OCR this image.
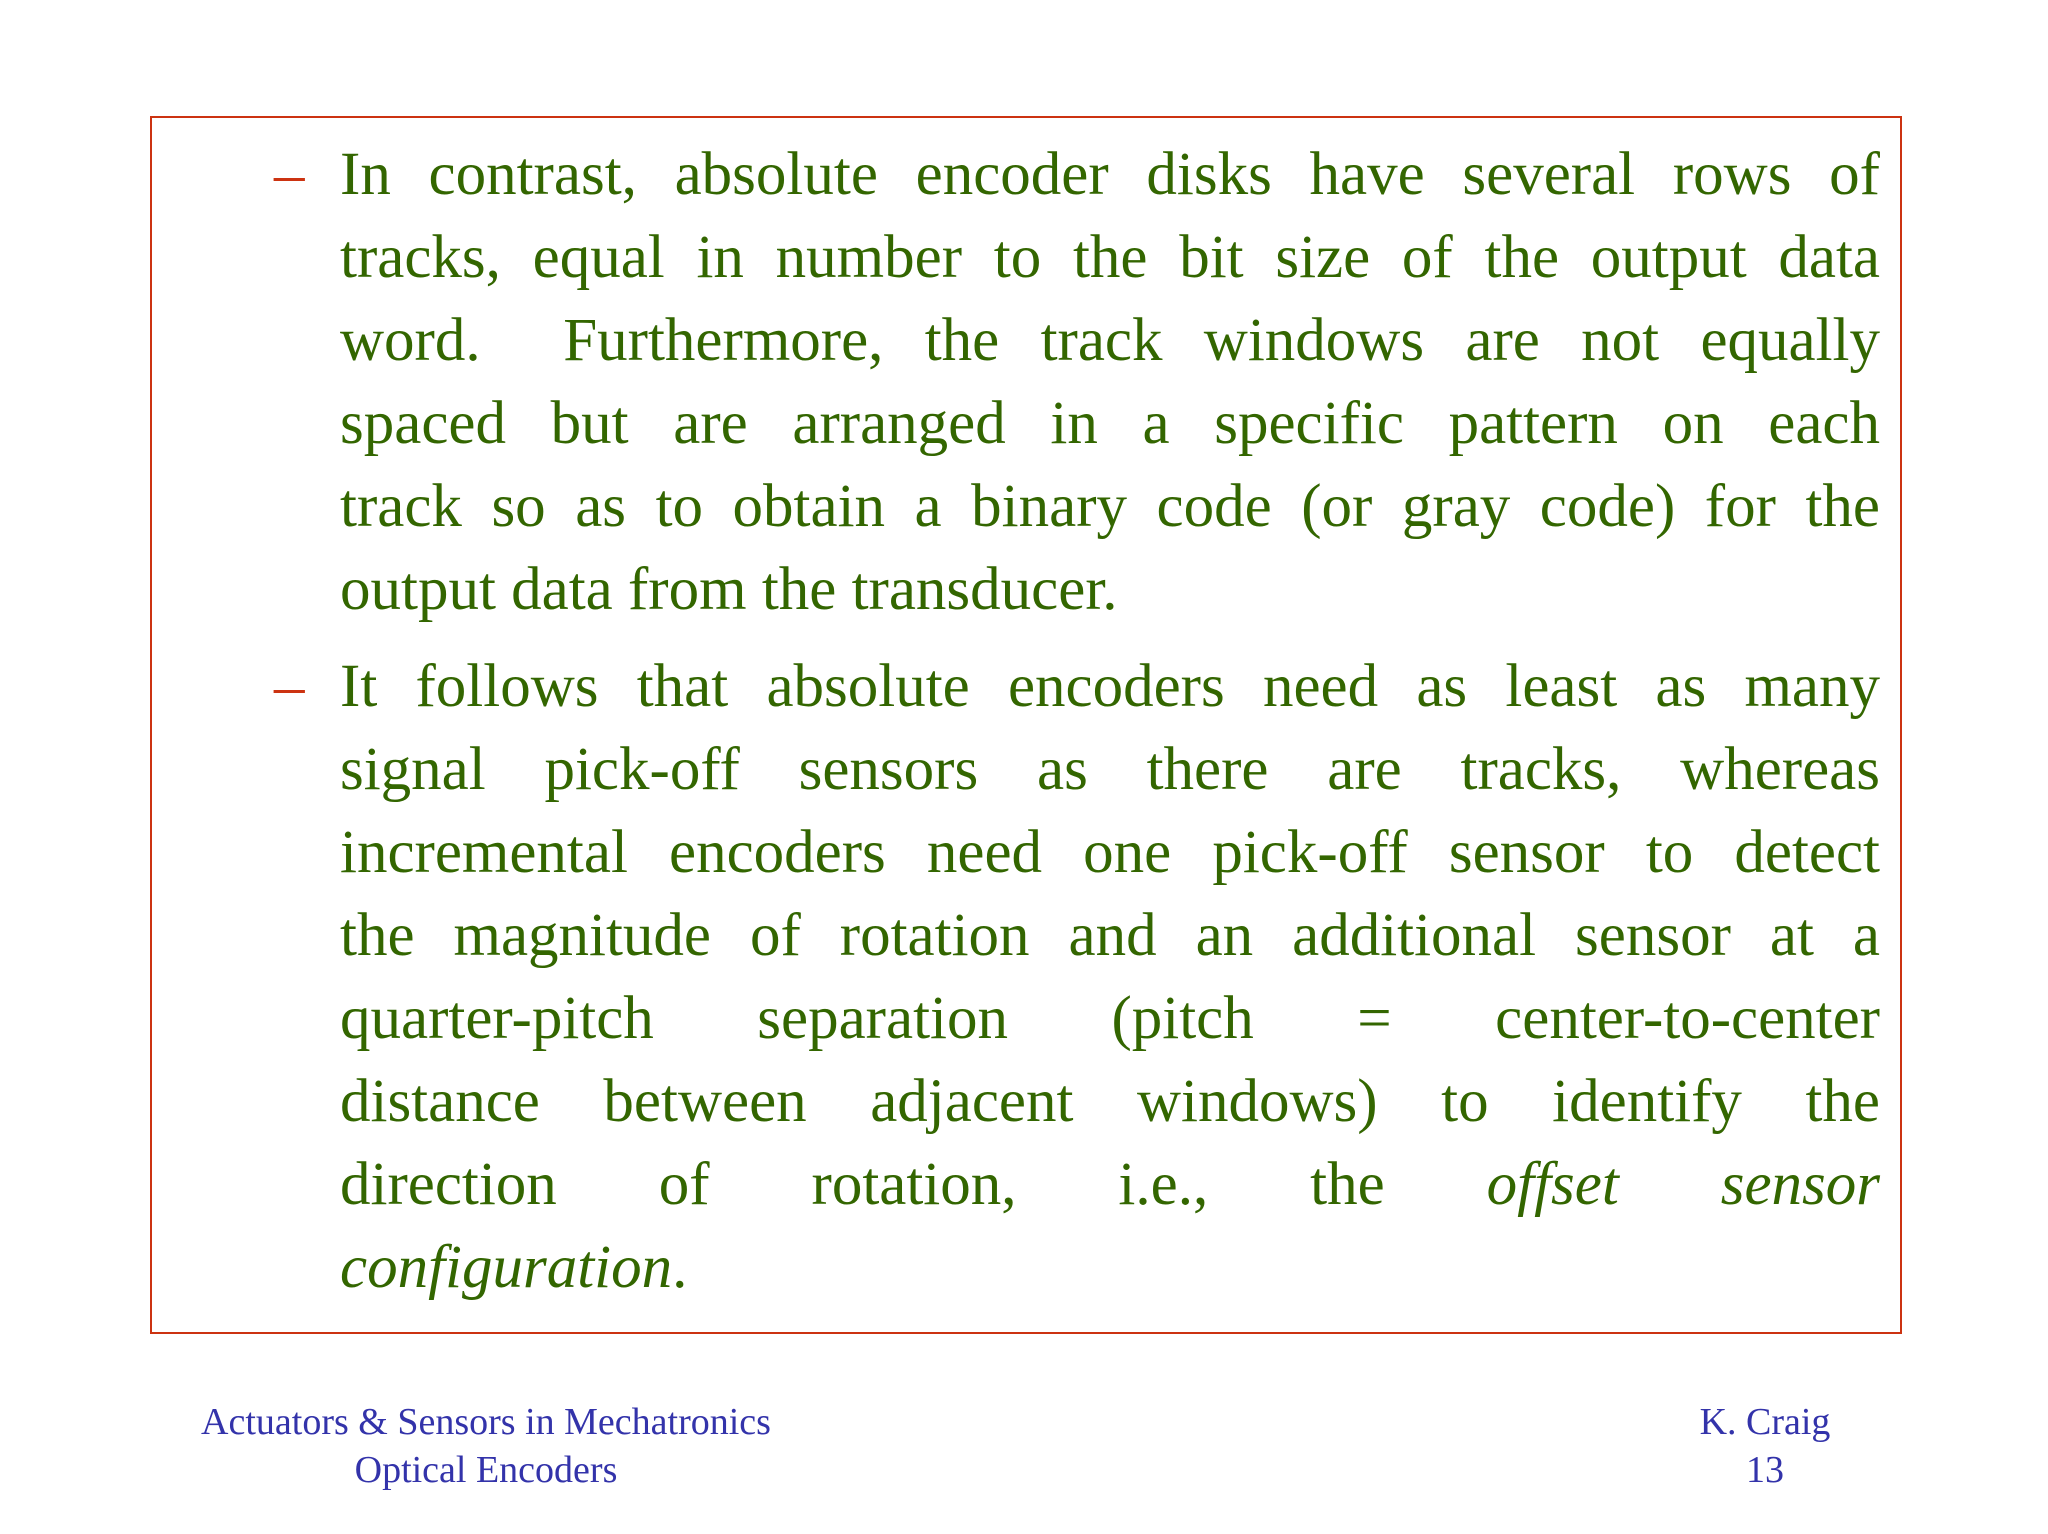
– In contrast, absolute encoder disks have several rows of
tracks, equal in number to the bit size of the output data
word.  Furthermore, the track windows are not equally
spaced but are arranged in a specific pattern on each
track so as to obtain a binary code (or gray code) for the
output data from the transducer.
– It follows that absolute encoders need as least as many
signal pick-off sensors as there are tracks, whereas
incremental encoders need one pick-off sensor to detect
the magnitude of rotation and an additional sensor at a
quarter-pitch separation (pitch = center-to-center
distance between adjacent windows) to identify the
direction of rotation, i.e., the offset sensor
configuration.
Actuators & Sensors in Mechatronics
Optical Encoders
K. Craig
13
